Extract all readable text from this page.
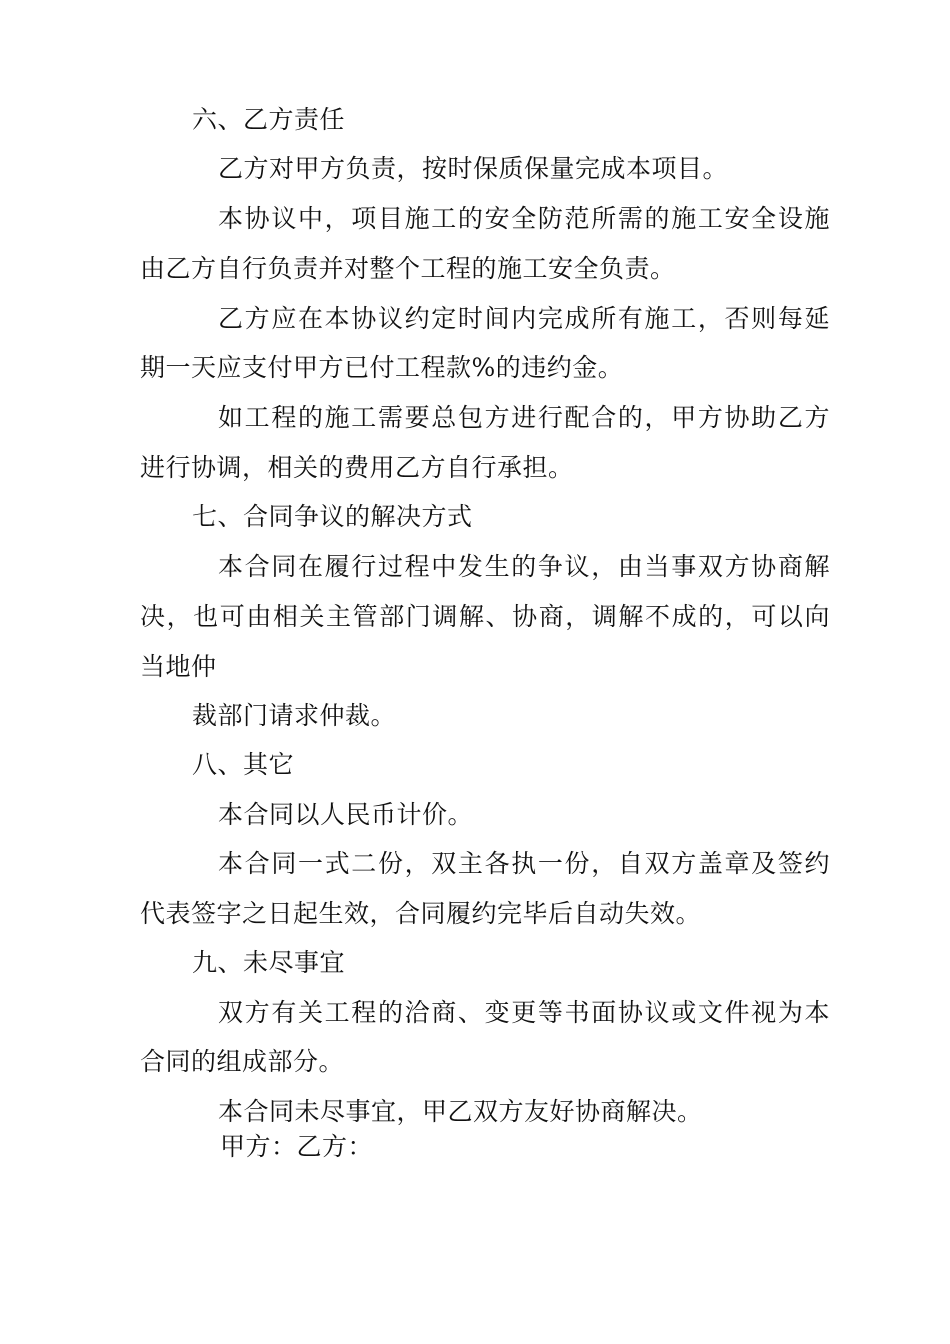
六、乙方责任
乙方对甲方负责，按时保质保量完成本项目。
本协议中，项目施工的安全防范所需的施工安全设施
由乙方自行负责并对整个工程的施工安全负责。
乙方应在本协议约定时间内完成所有施工，否则每延
期一天应支付甲方已付工程款%的违约金。
如工程的施工需要总包方进行配合的，甲方协助乙方
进行协调，相关的费用乙方自行承担。
七、合同争议的解决方式
本合同在履行过程中发生的争议，由当事双方协商解
决，也可由相关主管部门调解、协商，调解不成的，可以向
当地仲
裁部门请求仲裁。
八、其它
本合同以人民币计价。
本合同一式二份，双主各执一份，自双方盖章及签约
代表签字之日起生效，合同履约完毕后自动失效。
九、未尽事宜
双方有关工程的洽商、变更等书面协议或文件视为本
合同的组成部分。
本合同未尽事宜，甲乙双方友好协商解决。
甲方：乙方：
